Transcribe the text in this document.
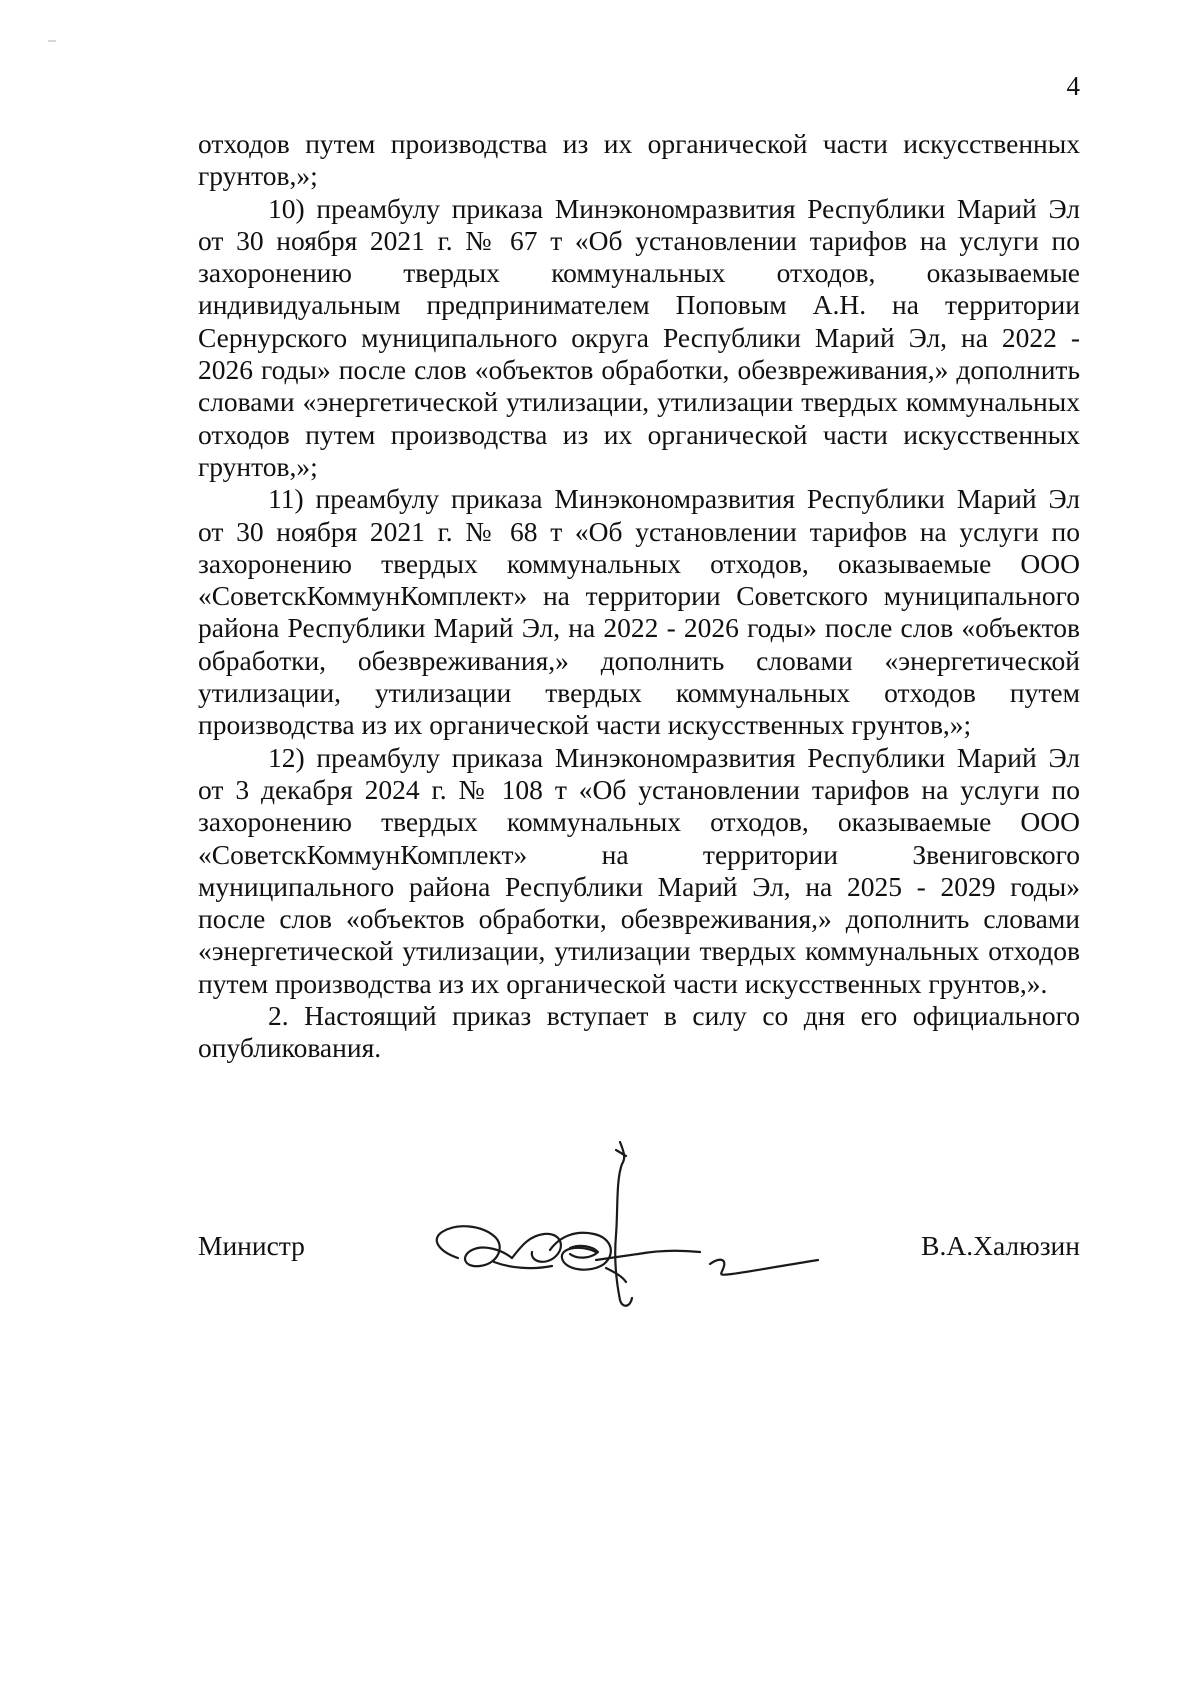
4

отходов путем производства из их органической части искусственных грунтов,»;

10) преамбулу приказа Минэкономразвития Республики Марий Эл от 30 ноября 2021 г. № 67 т «Об установлении тарифов на услуги по захоронению твердых коммунальных отходов, оказываемые индивидуальным предпринимателем Поповым А.Н. на территории Сернурского муниципального округа Республики Марий Эл, на 2022 - 2026 годы» после слов «объектов обработки, обезвреживания,» дополнить словами «энергетической утилизации, утилизации твердых коммунальных отходов путем производства из их органической части искусственных грунтов,»;

11) преамбулу приказа Минэкономразвития Республики Марий Эл от 30 ноября 2021 г. № 68 т «Об установлении тарифов на услуги по захоронению твердых коммунальных отходов, оказываемые ООО «СоветскКоммунКомплект» на территории Советского муниципального района Республики Марий Эл, на 2022 - 2026 годы» после слов «объектов обработки, обезвреживания,» дополнить словами «энергетической утилизации, утилизации твердых коммунальных отходов путем производства из их органической части искусственных грунтов,»;

12) преамбулу приказа Минэкономразвития Республики Марий Эл от 3 декабря 2024 г. № 108 т «Об установлении тарифов на услуги по захоронению твердых коммунальных отходов, оказываемые ООО «СоветскКоммунКомплект» на территории Звениговского муниципального района Республики Марий Эл, на 2025 - 2029 годы» после слов «объектов обработки, обезвреживания,» дополнить словами «энергетической утилизации, утилизации твердых коммунальных отходов путем производства из их органической части искусственных грунтов,».

2. Настоящий приказ вступает в силу со дня его официального опубликования.

Министр	В.А.Халюзин
